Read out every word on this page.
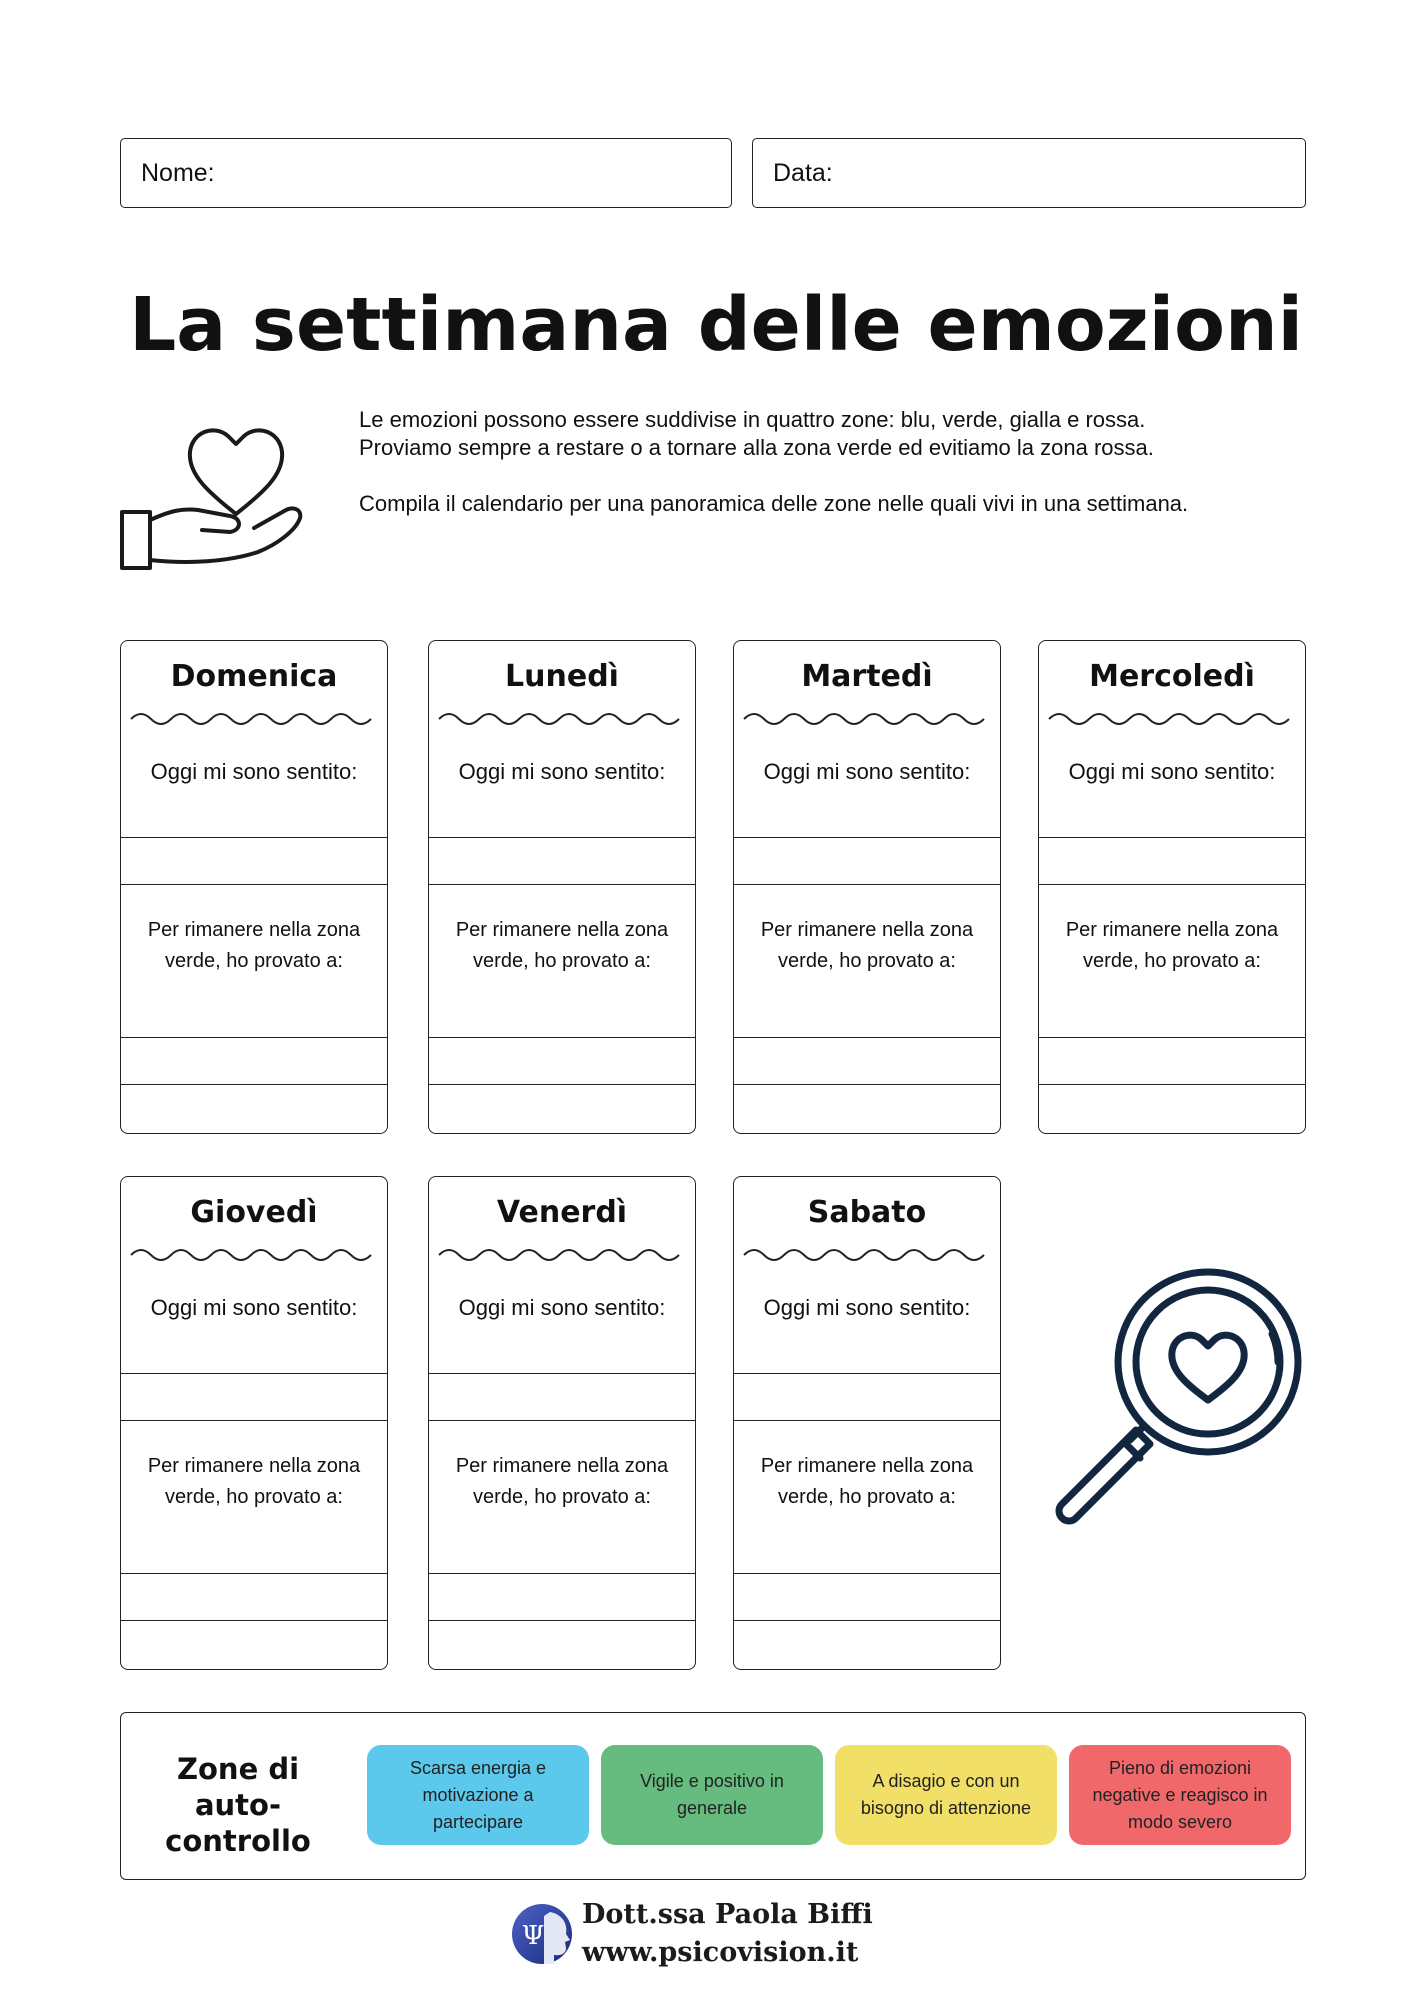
Nome:	Data:
La settimana delle emozioni

Le emozioni possono essere suddivise in quattro zone: blu, verde, gialla e rossa.

Proviamo sempre a restare o a tornare alla zona verde ed evitiamo la zona rossa.

Compila il calendario per una panoramica delle zone nelle quali vivi in una settimana.

Domenica
Oggi mi sono sentito:
Per rimanere nella zona verde, ho provato a:
Lunedì
Oggi mi sono sentito:
Per rimanere nella zona verde, ho provato a:
Martedì
Oggi mi sono sentito:
Per rimanere nella zona verde, ho provato a:
Mercoledì
Oggi mi sono sentito:
Per rimanere nella zona verde, ho provato a:
Giovedì
Oggi mi sono sentito:
Per rimanere nella zona verde, ho provato a:
Venerdì
Oggi mi sono sentito:
Per rimanere nella zona verde, ho provato a:
Sabato
Oggi mi sono sentito:
Per rimanere nella zona verde, ho provato a:
Zone di auto-controllo
Scarsa energia e motivazione a partecipare
Vigile e positivo in generale
A disagio e con un bisogno di attenzione
Pieno di emozioni negative e reagisco in modo severo
Ψ
Dott.ssa Paola Biffi
www.psicovision.it
